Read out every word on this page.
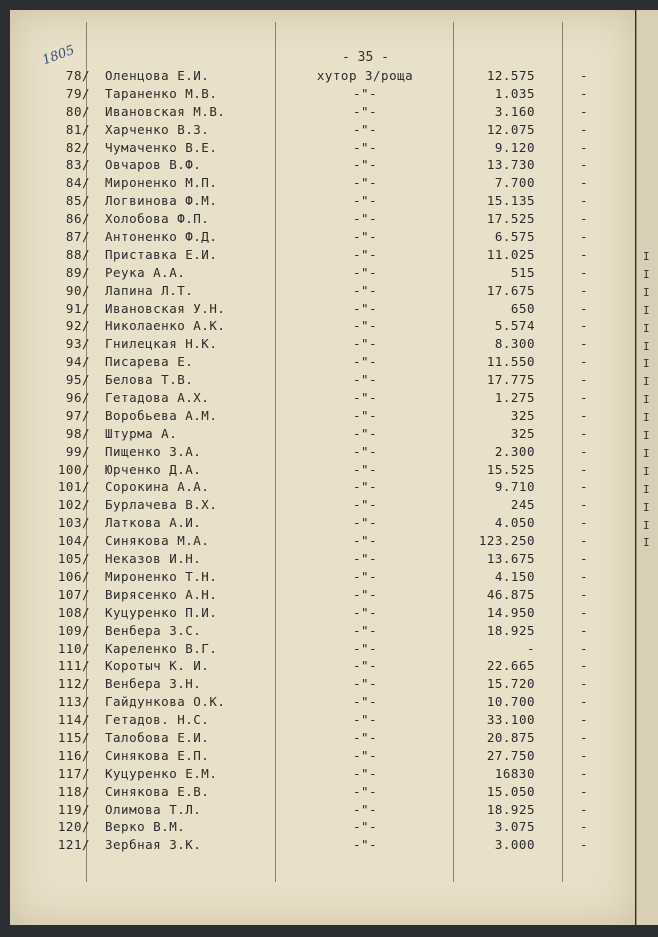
1805	- 35 -
78/ Оленцова Е.И.	хутор З/роща	12.575	-
79/ Тараненко М.В.	-"-	1.035	-
80/ Ивановская М.В.	-"-	3.160	-
81/ Харченко В.З.	-"-	12.075	-
82/ Чумаченко В.Е.	-"-	9.120	-
83/ Овчаров В.Ф.	-"-	13.730	-
84/ Мироненко М.П.	-"-	7.700	-
85/ Логвинова Ф.М.	-"-	15.135	-
86/ Холобова Ф.П.	-"-	17.525	-
87/ Антоненко Ф.Д.	-"-	6.575	-
88/ Приставка Е.И.	-"-	11.025	-
89/ Реука А.А.	-"-	515	-
90/ Лапина Л.Т.	-"-	17.675	-
91/ Ивановская У.Н.	-"-	650	-
92/ Николаенко А.К.	-"-	5.574	-
93/ Гнилецкая Н.К.	-"-	8.300	-
94/ Писарева Е.	-"-	11.550	-
95/ Белова Т.В.	-"-	17.775	-
96/ Гетадова А.Х.	-"-	1.275	-
97/ Воробьева А.М.	-"-	325	-
98/ Штурма А.	-"-	325	-
99/ Пищенко З.А.	-"-	2.300	-
100/ Юрченко Д.А.	-"-	15.525	-
101/ Сорокина А.А.	-"-	9.710	-
102/ Бурлачева В.Х.	-"-	245	-
103/ Латкова А.И.	-"-	4.050	-
104/ Синякова М.А.	-"-	123.250	-
105/ Неказов И.Н.	-"-	13.675	-
106/ Мироненко Т.Н.	-"-	4.150	-
107/ Вирясенко А.Н.	-"-	46.875	-
108/ Куцуренко П.И.	-"-	14.950	-
109/ Венбера З.С.	-"-	18.925	-
110/ Кареленко В.Г.	-"-	-	-
111/ Коротыч К. И.	-"-	22.665	-
112/ Венбера З.Н.	-"-	15.720	-
113/ Гайдункова О.К.	-"-	10.700	-
114/ Гетадов. Н.С.	-"-	33.100	-
115/ Талобова Е.И.	-"-	20.875	-
116/ Синякова Е.П.	-"-	27.750	-
117/ Куцуренко Е.М.	-"-	16830	-
118/ Синякова Е.В.	-"-	15.050	-
119/ Олимова Т.Л.	-"-	18.925	-
120/ Верко В.М.	-"-	3.075	-
121/ Зербная З.К.	-"-	3.000	-
I
I
I
I
I
I
I
I
I
I
I
I
I
I
I
I
I
